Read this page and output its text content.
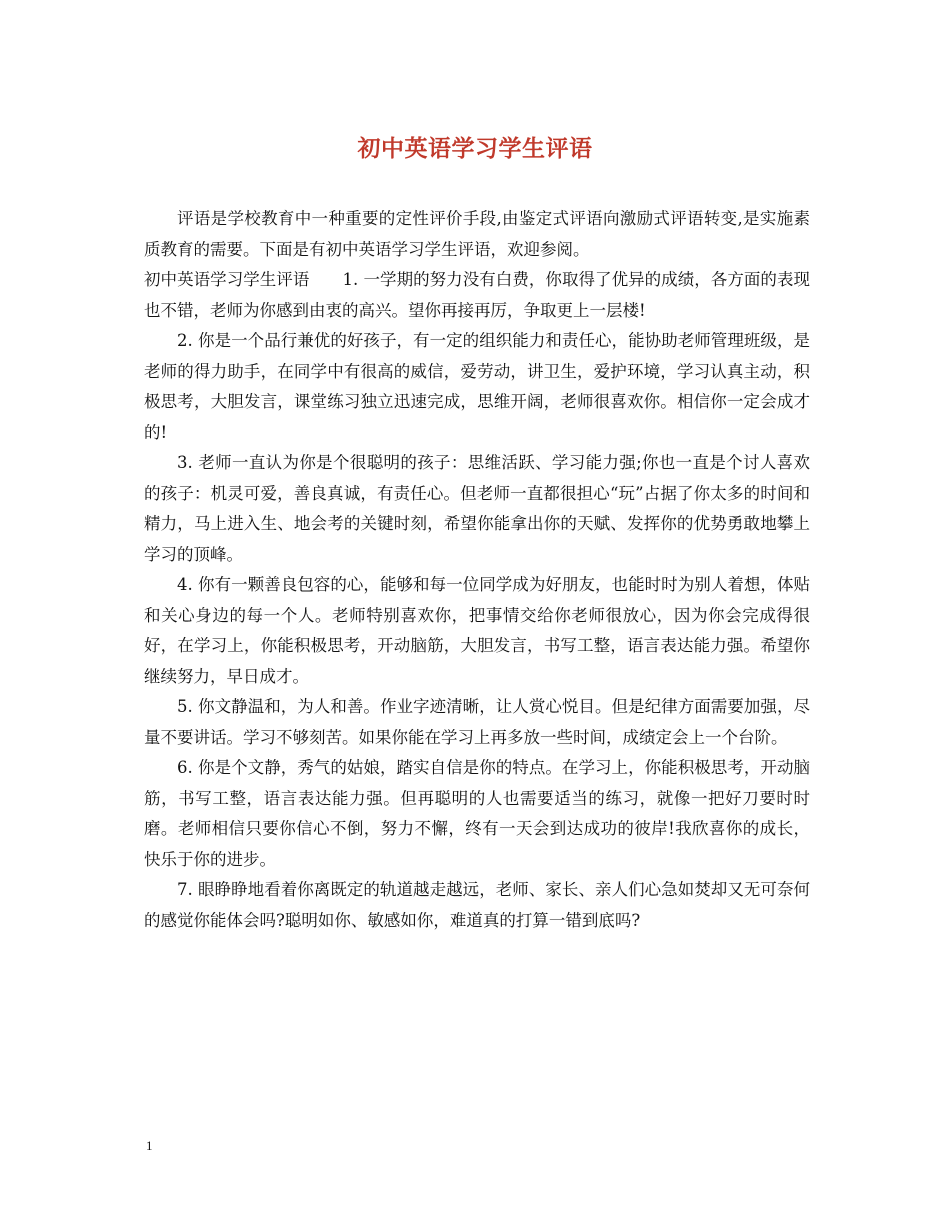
初中英语学习学生评语

评语是学校教育中一种重要的定性评价手段,由鉴定式评语向激励式评语转变,是实施素质教育的需要。下面是有初中英语学习学生评语，欢迎参阅。

初中英语学习学生评语　　1. 一学期的努力没有白费，你取得了优异的成绩，各方面的表现也不错，老师为你感到由衷的高兴。望你再接再厉，争取更上一层楼!

2. 你是一个品行兼优的好孩子，有一定的组织能力和责任心，能协助老师管理班级，是老师的得力助手，在同学中有很高的威信，爱劳动，讲卫生，爱护环境，学习认真主动，积极思考，大胆发言，课堂练习独立迅速完成，思维开阔，老师很喜欢你。相信你一定会成才的!

3. 老师一直认为你是个很聪明的孩子：思维活跃、学习能力强;你也一直是个讨人喜欢的孩子：机灵可爱，善良真诚，有责任心。但老师一直都很担心“玩”占据了你太多的时间和精力，马上进入生、地会考的关键时刻，希望你能拿出你的天赋、发挥你的优势勇敢地攀上学习的顶峰。

4. 你有一颗善良包容的心，能够和每一位同学成为好朋友，也能时时为别人着想，体贴和关心身边的每一个人。老师特别喜欢你，把事情交给你老师很放心，因为你会完成得很好，在学习上，你能积极思考，开动脑筋，大胆发言，书写工整，语言表达能力强。希望你继续努力，早日成才。

5. 你文静温和，为人和善。作业字迹清晰，让人赏心悦目。但是纪律方面需要加强，尽量不要讲话。学习不够刻苦。如果你能在学习上再多放一些时间，成绩定会上一个台阶。

6. 你是个文静，秀气的姑娘，踏实自信是你的特点。在学习上，你能积极思考，开动脑筋，书写工整，语言表达能力强。但再聪明的人也需要适当的练习，就像一把好刀要时时磨。老师相信只要你信心不倒，努力不懈，终有一天会到达成功的彼岸!我欣喜你的成长，快乐于你的进步。

7. 眼睁睁地看着你离既定的轨道越走越远，老师、家长、亲人们心急如焚却又无可奈何的感觉你能体会吗?聪明如你、敏感如你，难道真的打算一错到底吗?

1
